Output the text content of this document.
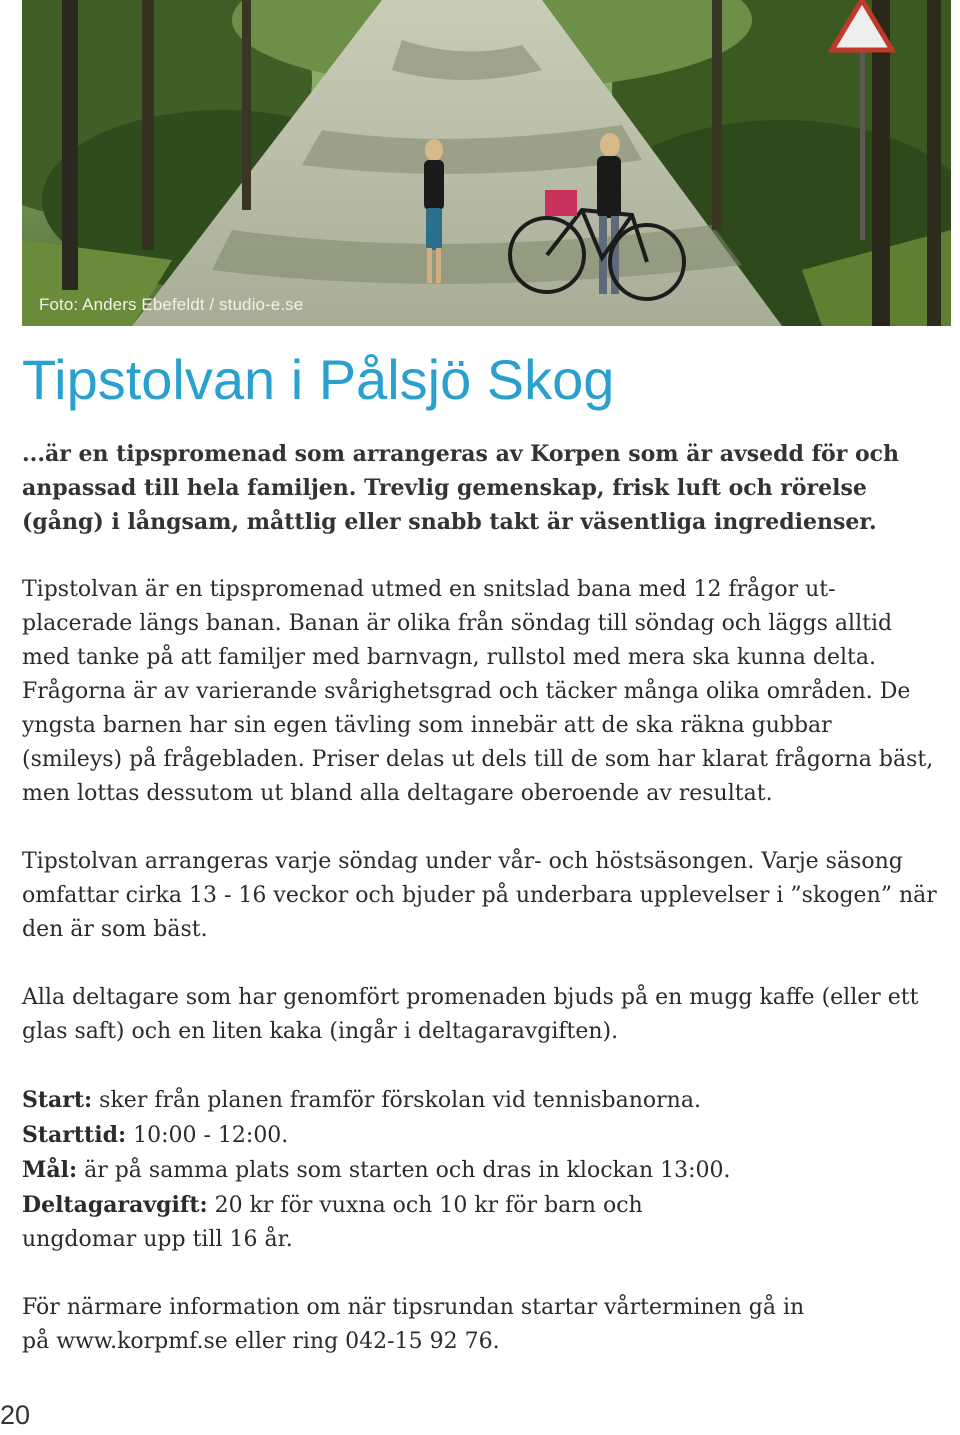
Foto: Anders Ebefeldt / studio-e.se
Tipstolvan i Pålsjö Skog

...är en tipspromenad som arrangeras av Korpen som är avsedd för och anpassad till hela familjen. Trevlig gemenskap, frisk luft och rörelse (gång) i långsam, måttlig eller snabb takt är väsentliga ingredienser.

Tipstolvan är en tipspromenad utmed en snitslad bana med 12 frågor utplacerade längs banan. Banan är olika från söndag till söndag och läggs alltid med tanke på att familjer med barnvagn, rullstol med mera ska kunna delta. Frågorna är av varierande svårighetsgrad och täcker många olika områden. De yngsta barnen har sin egen tävling som innebär att de ska räkna gubbar (smileys) på frågebladen. Priser delas ut dels till de som har klarat frågorna bäst, men lottas dessutom ut bland alla deltagare oberoende av resultat.

Tipstolvan arrangeras varje söndag under vår- och höstsäsongen. Varje säsong omfattar cirka 13 - 16 veckor och bjuder på underbara upplevelser i ”skogen” när den är som bäst.

Alla deltagare som har genomfört promenaden bjuds på en mugg kaffe (eller ett glas saft) och en liten kaka (ingår i deltagaravgiften).

Start: sker från planen framför förskolan vid tennisbanorna.

Starttid: 10:00 - 12:00.

Mål: är på samma plats som starten och dras in klockan 13:00.

Deltagaravgift: 20 kr för vuxna och 10 kr för barn och ungdomar upp till 16 år.

För närmare information om när tipsrundan startar vårterminen gå in på www.korpmf.se eller ring 042-15 92 76.

20
